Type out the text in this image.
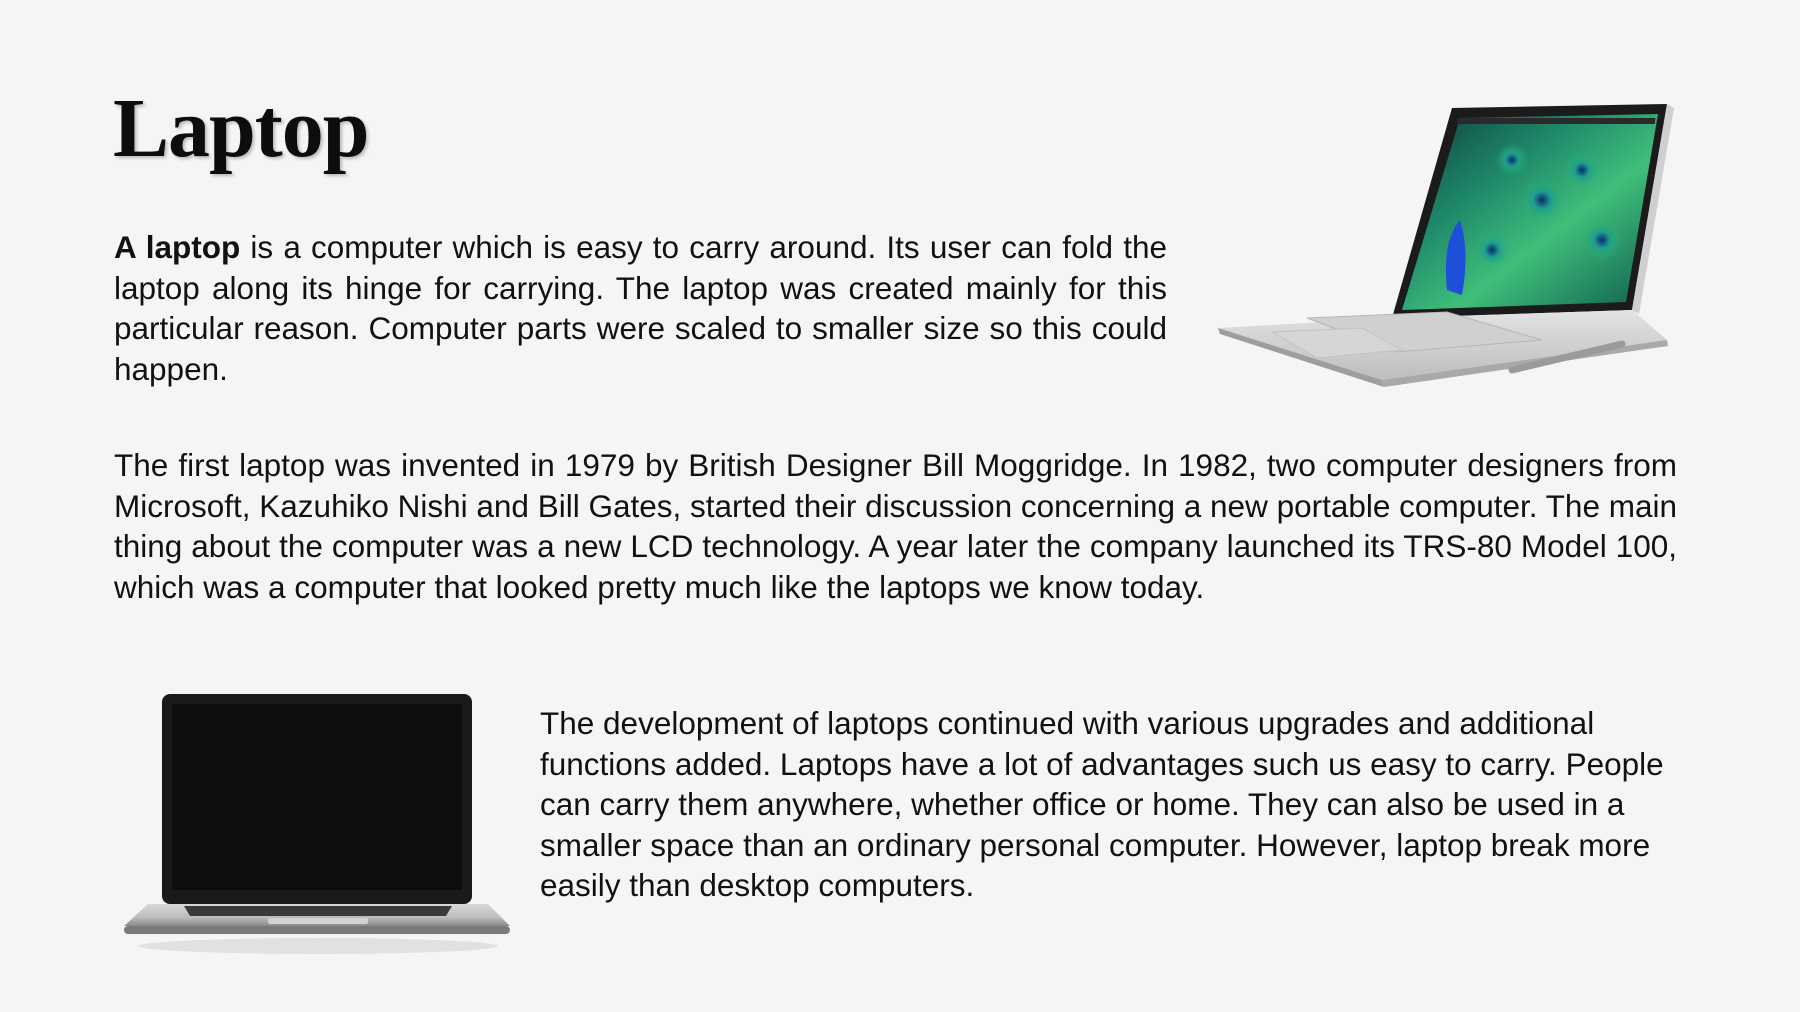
Laptop

A laptop is a computer which is easy to carry around. Its user can fold the laptop along its hinge for carrying. The laptop was created mainly for this particular reason. Computer parts were scaled to smaller size so this could happen.

The first laptop was invented in 1979 by British Designer Bill Moggridge. In 1982, two computer designers from Microsoft, Kazuhiko Nishi and Bill Gates, started their discussion concerning a new portable computer. The main thing about the computer was a new LCD technology. A year later the company launched its TRS-80 Model 100, which was a computer that looked pretty much like the laptops we know today.

The development of laptops continued with various upgrades and additional functions added. Laptops have a lot of advantages such us easy to carry. People can carry them anywhere, whether office or home. They can also be used in a smaller space than an ordinary personal computer. However, laptop break more easily than desktop computers.
